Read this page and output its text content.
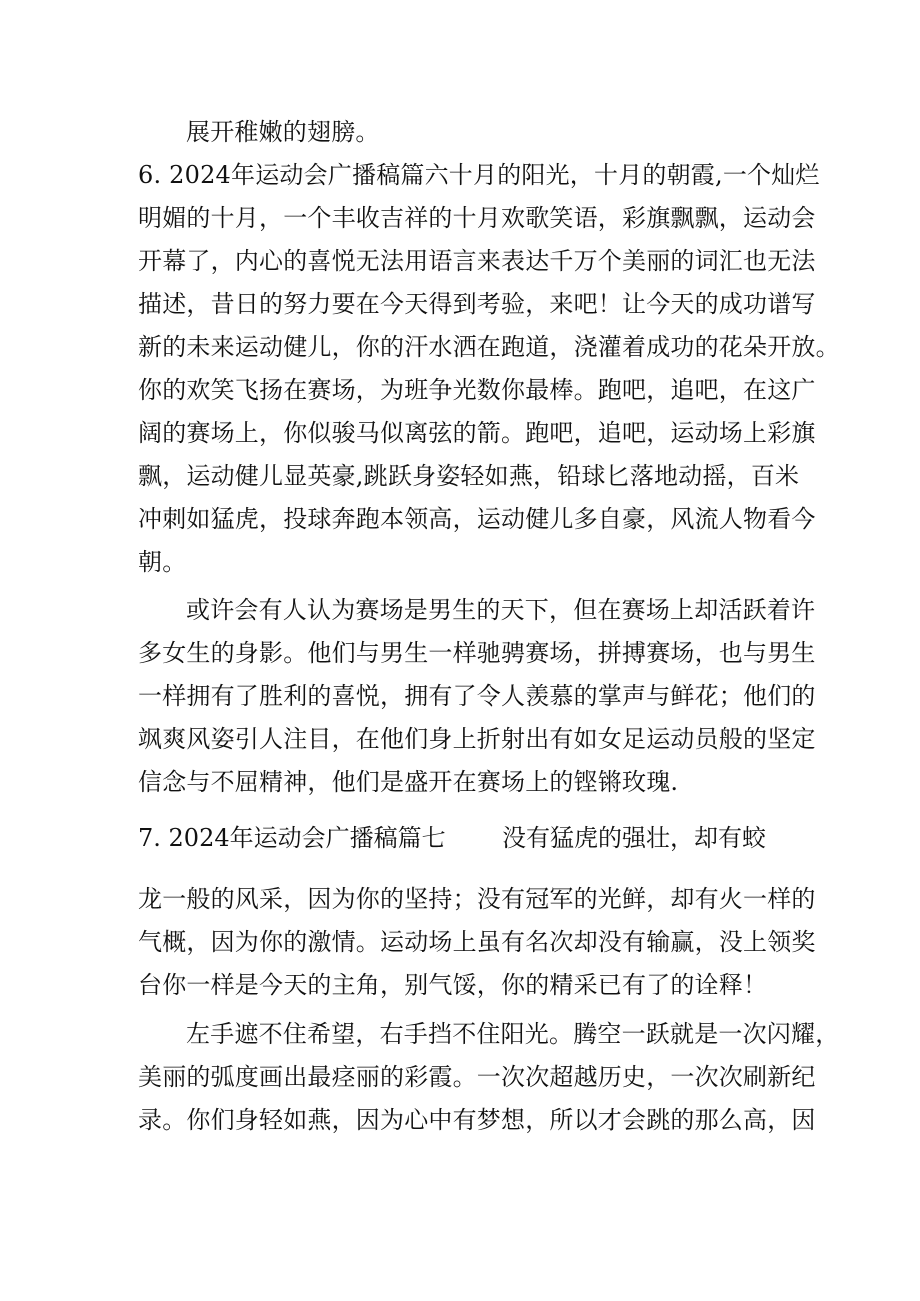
展开稚嫩的翅膀。
6. 2024年运动会广播稿篇六十月的阳光，十月的朝霞,一个灿烂
明媚的十月，一个丰收吉祥的十月欢歌笑语，彩旗飘飘，运动会
开幕了，内心的喜悦无法用语言来表达千万个美丽的词汇也无法
描述，昔日的努力要在今天得到考验，来吧！让今天的成功谱写
新的未来运动健儿，你的汗水洒在跑道，浇灌着成功的花朵开放。
你的欢笑飞扬在赛场，为班争光数你最棒。跑吧，追吧，在这广
阔的赛场上，你似骏马似离弦的箭。跑吧，追吧，运动场上彩旗
飘，运动健儿显英豪,跳跃身姿轻如燕，铅球匕落地动摇，百米
冲刺如猛虎，投球奔跑本领高，运动健儿多自豪，风流人物看今
朝。
或许会有人认为赛场是男生的天下，但在赛场上却活跃着许
多女生的身影。他们与男生一样驰骋赛场，拼搏赛场，也与男生
一样拥有了胜利的喜悦，拥有了令人羡慕的掌声与鲜花；他们的
飒爽风姿引人注目，在他们身上折射出有如女足运动员般的坚定
信念与不屈精神，他们是盛开在赛场上的铿锵玫瑰.
7. 2024年运动会广播稿篇七 没有猛虎的强壮，却有蛟
龙一般的风采，因为你的坚持；没有冠军的光鲜，却有火一样的
气概，因为你的激情。运动场上虽有名次却没有输赢，没上领奖
台你一样是今天的主角，别气馁，你的精采已有了的诠释！
左手遮不住希望，右手挡不住阳光。腾空一跃就是一次闪耀，
美丽的弧度画出最痉丽的彩霞。一次次超越历史，一次次刷新纪
录。你们身轻如燕，因为心中有梦想，所以才会跳的那么高，因
